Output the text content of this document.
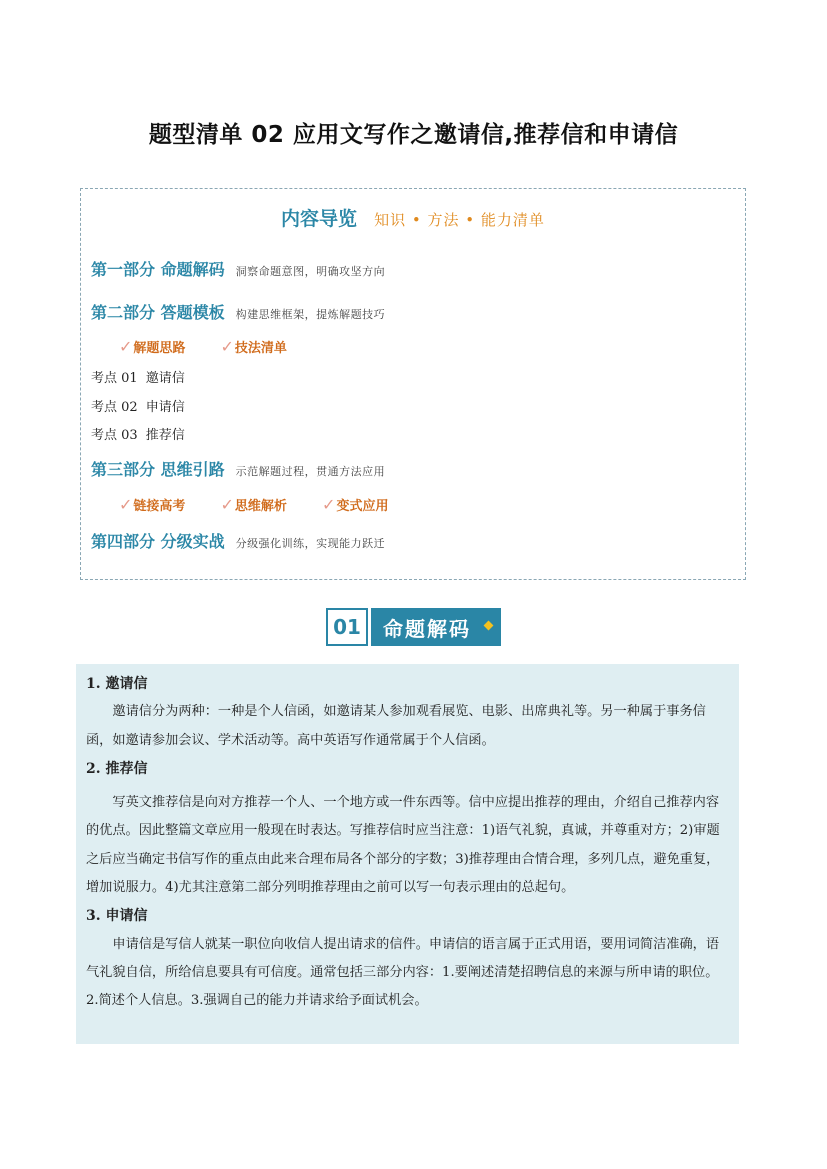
题型清单 02 应用文写作之邀请信,推荐信和申请信
内容导览 知识 • 方法 • 能力清单
第一部分 命题解码 洞察命题意图，明确攻坚方向
第二部分 答题模板 构建思维框架，提炼解题技巧
✓解题思路 ✓技法清单
考点 01 邀请信
考点 02 申请信
考点 03 推荐信
第三部分 思维引路 示范解题过程，贯通方法应用
✓链接高考 ✓思维解析 ✓变式应用
第四部分 分级实战 分级强化训练，实现能力跃迁
01	命题解码
1. 邀请信

邀请信分为两种：一种是个人信函，如邀请某人参加观看展览、电影、出席典礼等。另一种属于事务信函，如邀请参加会议、学术活动等。高中英语写作通常属于个人信函。

2. 推荐信

写英文推荐信是向对方推荐一个人、一个地方或一件东西等。信中应提出推荐的理由，介绍自己推荐内容的优点。因此整篇文章应用一般现在时表达。写推荐信时应当注意：1)语气礼貌，真诚，并尊重对方；2)审题之后应当确定书信写作的重点由此来合理布局各个部分的字数；3)推荐理由合情合理，多列几点，避免重复，增加说服力。4)尤其注意第二部分列明推荐理由之前可以写一句表示理由的总起句。

3. 申请信

申请信是写信人就某一职位向收信人提出请求的信件。申请信的语言属于正式用语，要用词简洁准确，语气礼貌自信，所给信息要具有可信度。通常包括三部分内容：1.要阐述清楚招聘信息的来源与所申请的职位。2.简述个人信息。3.强调自己的能力并请求给予面试机会。
